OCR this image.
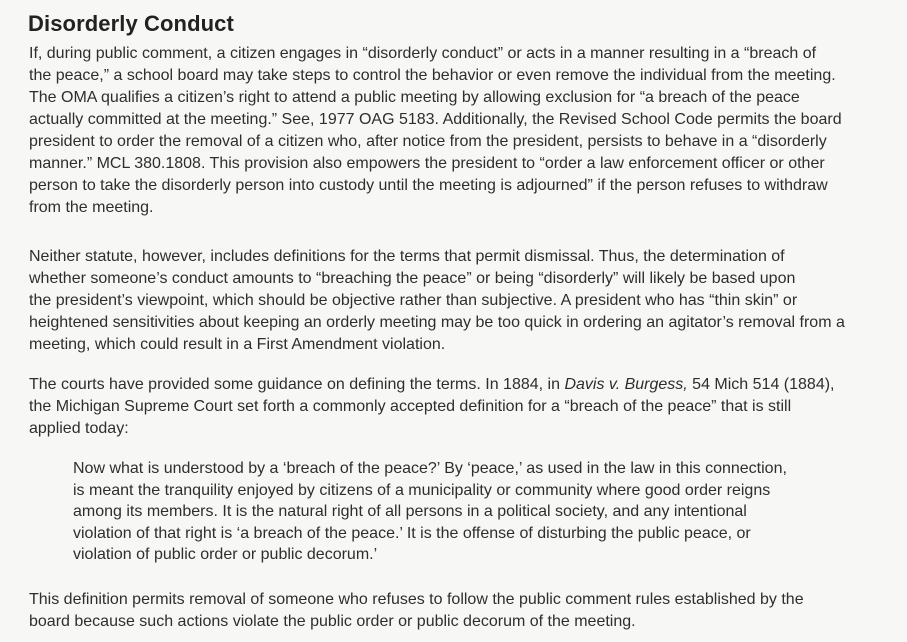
Disorderly Conduct

If, during public comment, a citizen engages in “disorderly conduct” or acts in a manner resulting in a “breach of
the peace,” a school board may take steps to control the behavior or even remove the individual from the meeting.
The OMA qualifies a citizen’s right to attend a public meeting by allowing exclusion for “a breach of the peace
actually committed at the meeting.” See, 1977 OAG 5183. Additionally, the Revised School Code permits the board
president to order the removal of a citizen who, after notice from the president, persists to behave in a “disorderly
manner.” MCL 380.1808. This provision also empowers the president to “order a law enforcement officer or other
person to take the disorderly person into custody until the meeting is adjourned” if the person refuses to withdraw
from the meeting.

Neither statute, however, includes definitions for the terms that permit dismissal. Thus, the determination of
whether someone’s conduct amounts to “breaching the peace” or being “disorderly” will likely be based upon
the president’s viewpoint, which should be objective rather than subjective. A president who has “thin skin” or
heightened sensitivities about keeping an orderly meeting may be too quick in ordering an agitator’s removal from a
meeting, which could result in a First Amendment violation.

The courts have provided some guidance on defining the terms. In 1884, in Davis v. Burgess, 54 Mich 514 (1884),
the Michigan Supreme Court set forth a commonly accepted definition for a “breach of the peace” that is still
applied today:

Now what is understood by a ‘breach of the peace?’ By ‘peace,’ as used in the law in this connection,
is meant the tranquility enjoyed by citizens of a municipality or community where good order reigns
among its members. It is the natural right of all persons in a political society, and any intentional
violation of that right is ‘a breach of the peace.’ It is the offense of disturbing the public peace, or
violation of public order or public decorum.’

This definition permits removal of someone who refuses to follow the public comment rules established by the
board because such actions violate the public order or public decorum of the meeting.
